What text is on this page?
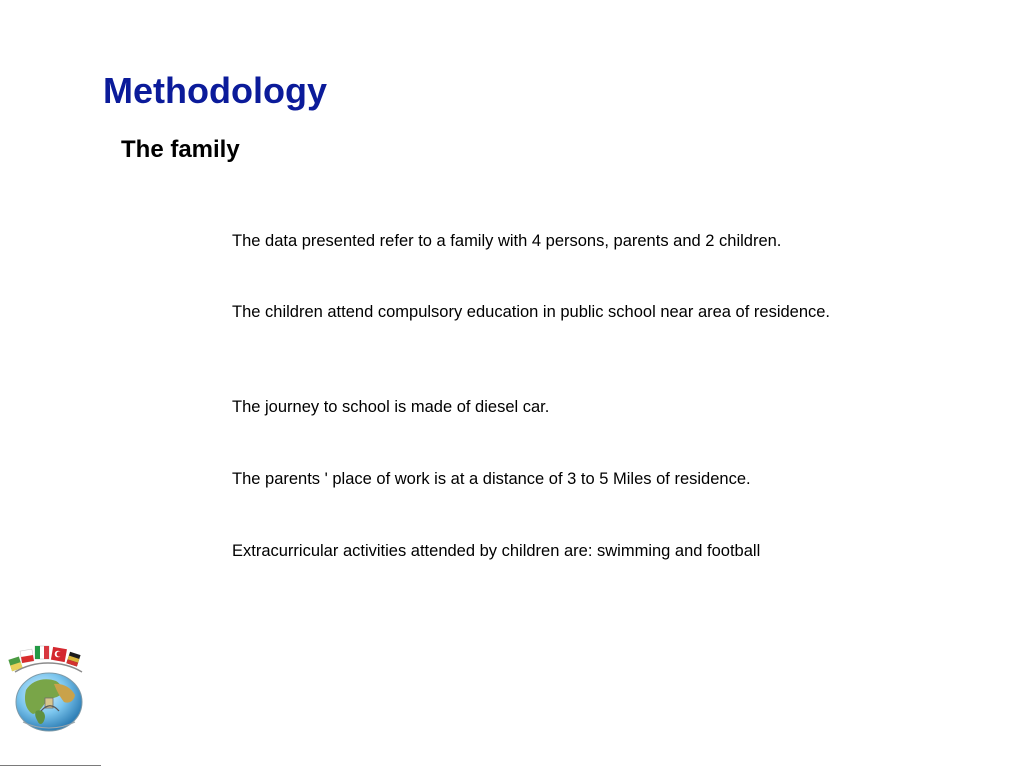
Methodology
The family

The data presented refer to a family with 4 persons, parents and 2 children.

The children attend compulsory education in public school near area of residence.

The journey to school is made of diesel car.

The parents ' place of work is at a distance of 3 to 5 Miles of residence.

Extracurricular activities attended by children are: swimming and football
